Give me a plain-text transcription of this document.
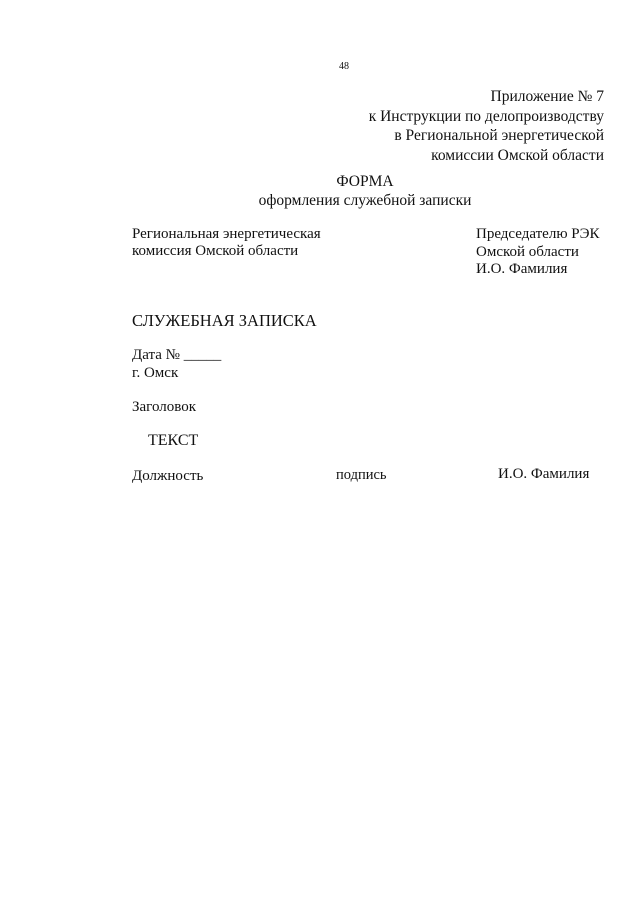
48
Приложение № 7
к Инструкции по делопроизводству
в Региональной энергетической
комиссии Омской области
ФОРМА
оформления служебной записки
Региональная энергетическая
комиссия Омской области
Председателю РЭК
Омской области
И.О. Фамилия
СЛУЖЕБНАЯ ЗАПИСКА
Дата № _____
г. Омск
Заголовок
ТЕКСТ
Должность	подпись	И.О. Фамилия
